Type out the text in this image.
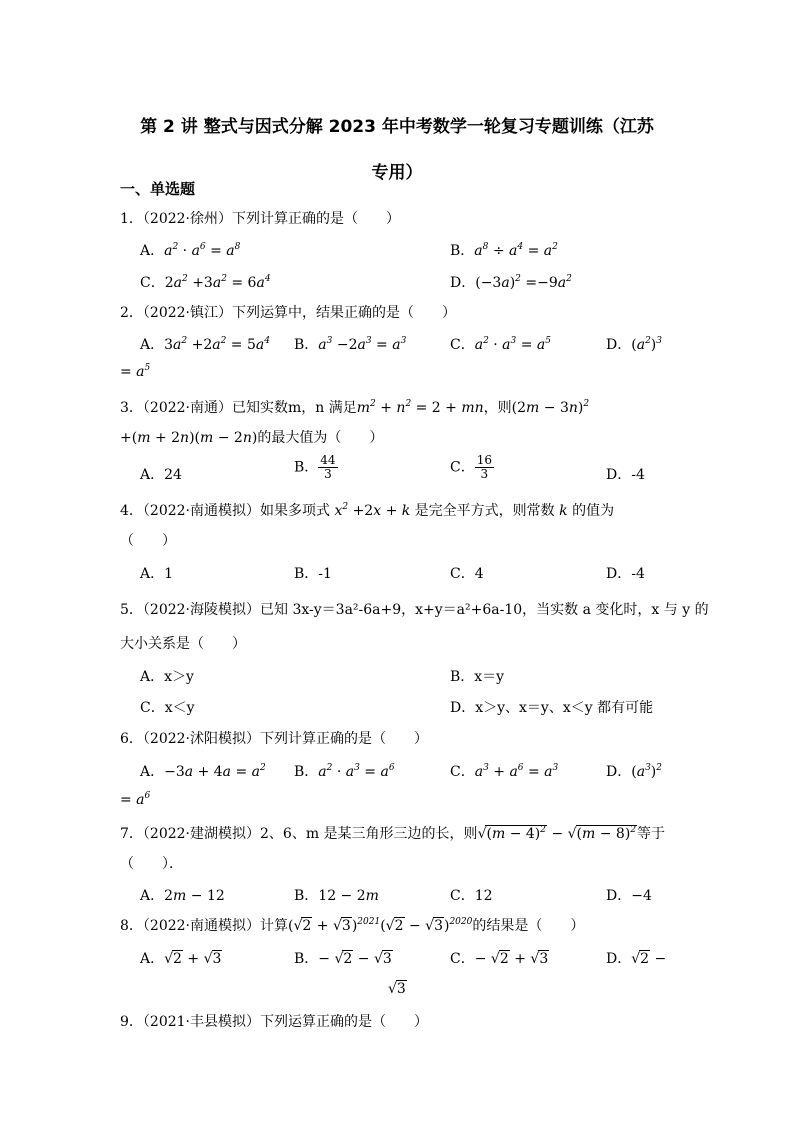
第 2 讲 整式与因式分解 2023 年中考数学一轮复习专题训练（江苏
专用）
一、单选题
1．（2022·徐州）下列计算正确的是（　　）
A．$a^2 \cdot a^6 = a^8$	B．$a^8 \div a^4 = a^2$
C．$2a^2 +3a^2 = 6a^4$	D．$(-3a)^2 =-9a^2$
2．（2022·镇江）下列运算中，结果正确的是（　　）
A．$3a^2 +2a^2 = 5a^4$ B．$a^3 -2a^3 = a^3$	C．$a^2 \cdot a^3 = a^5$	D．$(a^2)^3$
= $a^5$
3．（2022·南通）已知实数m，n 满足$m^2 + n^2 = 2$ + mn，则$(2m - 3n)^2$
+(m + 2n)(m − 2n)的最大值为（　　）
A．24	B． $\frac{44}{3}$	C． $\frac{16}{3}$	D．-4
4．（2022·南通模拟）如果多项式 $x^2 +2x + k$ 是完全平方式，则常数 k 的值为
（　　）
A．1	B．-1	C．4	D．-4
5．（2022·海陵模拟）已知 3x-y＝3a²-6a+9，x+y＝a²+6a-10，当实数 a 变化时，x 与 y 的
大小关系是（　　）
A．x＞y	B．x＝y
C．x＜y	D．x＞y、x＝y、x＜y 都有可能
6．（2022·沭阳模拟）下列计算正确的是（　　）
A．$-3a + 4a = a^2$ B．$a^2 \cdot a^3 = a^6$	C．$a^3 + a^6 = a^3$	D．$(a^3)^2$
= $a^6$
7．（2022·建湖模拟）2、6、m 是某三角形三边的长，则$√(m - 4)^2 - √(m - 8)^2$等于
（　　）．
A．2m − 12	B．12 − 2m	C．12	D．−4
8．（2022·南通模拟）计算$(√2 + √3)^{2021}(√2 - √3)^{2020}$的结果是（　　）
A．√2 + √3	B．− √2 − √3	C．− √2 + √3	D．√2 −
√3
9．（2021·丰县模拟）下列运算正确的是（　　）
